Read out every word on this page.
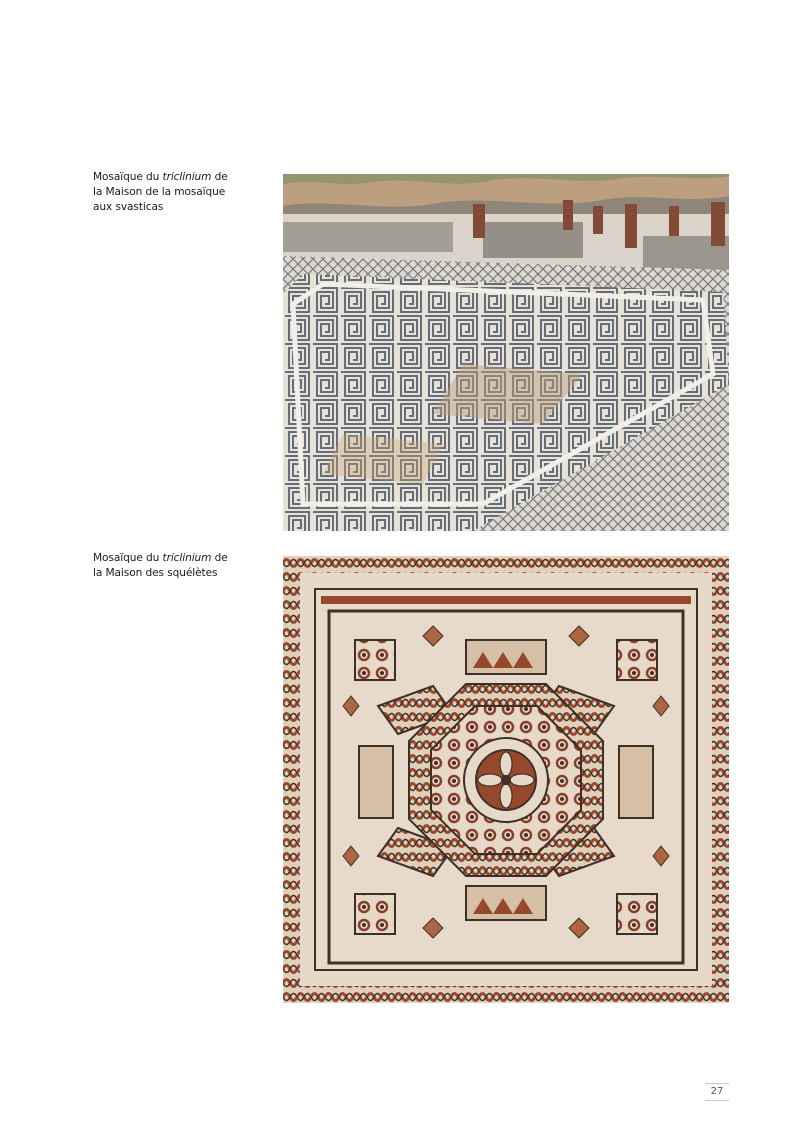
Mosaïque du triclinium de
la Maison de la mosaïque
aux svasticas
Mosaïque du triclinium de
la Maison des squélètes
27
